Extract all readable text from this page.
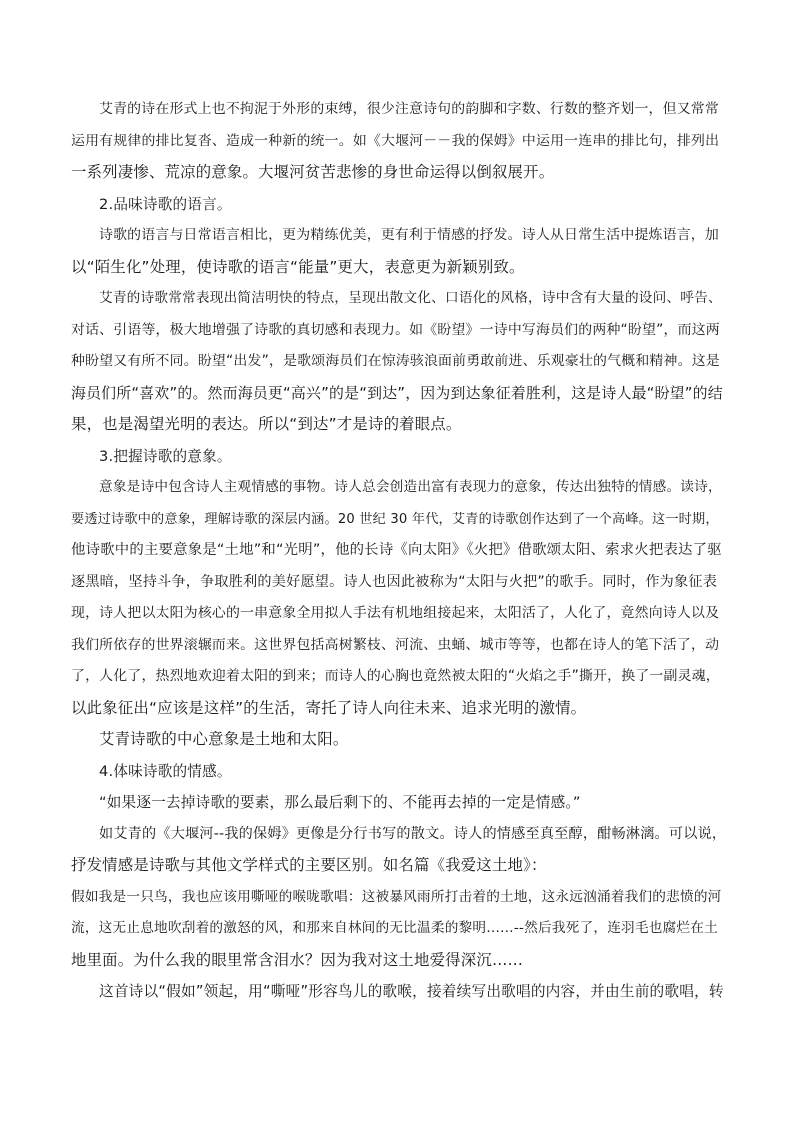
艾青的诗在形式上也不拘泥于外形的束缚，很少注意诗句的韵脚和字数、行数的整齐划一，但又常常
运用有规律的排比复沓、造成一种新的统一。如《大堰河－－我的保姆》中运用一连串的排比句，排列出
一系列凄惨、荒凉的意象。大堰河贫苦悲惨的身世命运得以倒叙展开。
2.品味诗歌的语言。
诗歌的语言与日常语言相比，更为精练优美，更有利于情感的抒发。诗人从日常生活中提炼语言，加
以“陌生化”处理，使诗歌的语言“能量”更大，表意更为新颖别致。
艾青的诗歌常常表现出简洁明快的特点，呈现出散文化、口语化的风格，诗中含有大量的设问、呼告、
对话、引语等，极大地增强了诗歌的真切感和表现力。如《盼望》一诗中写海员们的两种“盼望”，而这两
种盼望又有所不同。盼望“出发”，是歌颂海员们在惊涛骇浪面前勇敢前进、乐观豪壮的气概和精神。这是
海员们所“喜欢”的。然而海员更“高兴”的是“到达”，因为到达象征着胜利，这是诗人最“盼望”的结
果，也是渴望光明的表达。所以“到达”才是诗的着眼点。
3.把握诗歌的意象。
意象是诗中包含诗人主观情感的事物。诗人总会创造出富有表现力的意象，传达出独特的情感。读诗，
要透过诗歌中的意象，理解诗歌的深层内涵。20 世纪 30 年代，艾青的诗歌创作达到了一个高峰。这一时期，
他诗歌中的主要意象是“土地”和“光明”，他的长诗《向太阳》《火把》借歌颂太阳、索求火把表达了驱
逐黑暗，坚持斗争，争取胜利的美好愿望。诗人也因此被称为“太阳与火把”的歌手。同时，作为象征表
现，诗人把以太阳为核心的一串意象全用拟人手法有机地组接起来，太阳活了，人化了，竟然向诗人以及
我们所依存的世界滚辗而来。这世界包括高树繁枝、河流、虫蛹、城市等等，也都在诗人的笔下活了，动
了，人化了，热烈地欢迎着太阳的到来；而诗人的心胸也竟然被太阳的“火焰之手”撕开，换了一副灵魂，
以此象征出“应该是这样”的生活，寄托了诗人向往未来、追求光明的激情。
艾青诗歌的中心意象是土地和太阳。
4.体味诗歌的情感。
“如果逐一去掉诗歌的要素，那么最后剩下的、不能再去掉的一定是情感。”
如艾青的《大堰河--我的保姆》更像是分行书写的散文。诗人的情感至真至醇，酣畅淋漓。可以说，
抒发情感是诗歌与其他文学样式的主要区别。如名篇《我爱这土地》：
假如我是一只鸟，我也应该用嘶哑的喉咙歌唱：这被暴风雨所打击着的土地，这永远汹涌着我们的悲愤的河
流，这无止息地吹刮着的激怒的风，和那来自林间的无比温柔的黎明……--然后我死了，连羽毛也腐烂在土
地里面。为什么我的眼里常含泪水？因为我对这土地爱得深沉……
这首诗以“假如”领起，用“嘶哑”形容鸟儿的歌喉，接着续写出歌唱的内容，并由生前的歌唱，转
